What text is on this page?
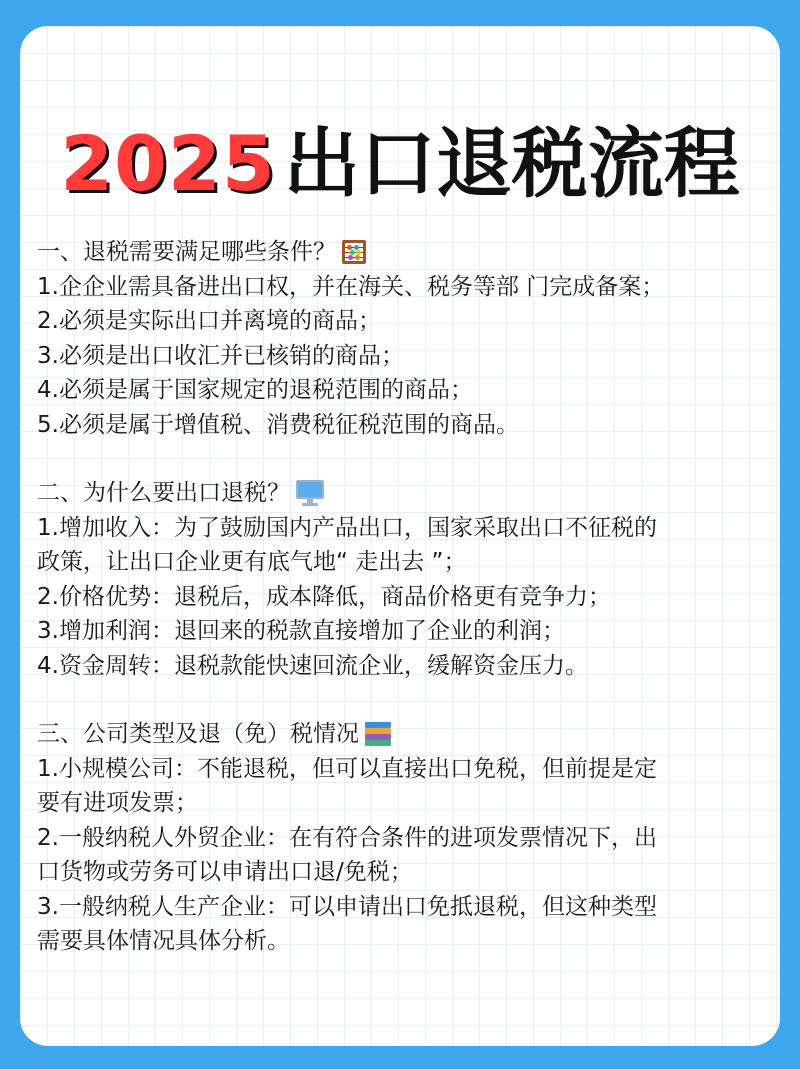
2025 出口退税流程
一、退税需要满足哪些条件？
1.企企业需具备进出口权，并在海关、税务等部 门完成备案；
2.必须是实际出口并离境的商品；
3.必须是出口收汇并已核销的商品；
4.必须是属于国家规定的退税范围的商品；
5.必须是属于增值税、消费税征税范围的商品。
二、为什么要出口退税？
1.增加收入：为了鼓励国内产品出口，国家采取出口不征税的
政策，让出口企业更有底气地“ 走出去 ”；
2.价格优势：退税后，成本降低，商品价格更有竞争力；
3.增加利润：退回来的税款直接增加了企业的利润；
4.资金周转：退税款能快速回流企业，缓解资金压力。
三、公司类型及退（免）税情况
1.小规模公司：不能退税，但可以直接出口免税，但前提是定
要有进项发票；
2.一般纳税人外贸企业：在有符合条件的进项发票情况下，出
口货物或劳务可以申请出口退/免税；
3.一般纳税人生产企业：可以申请出口免抵退税，但这种类型
需要具体情况具体分析。
